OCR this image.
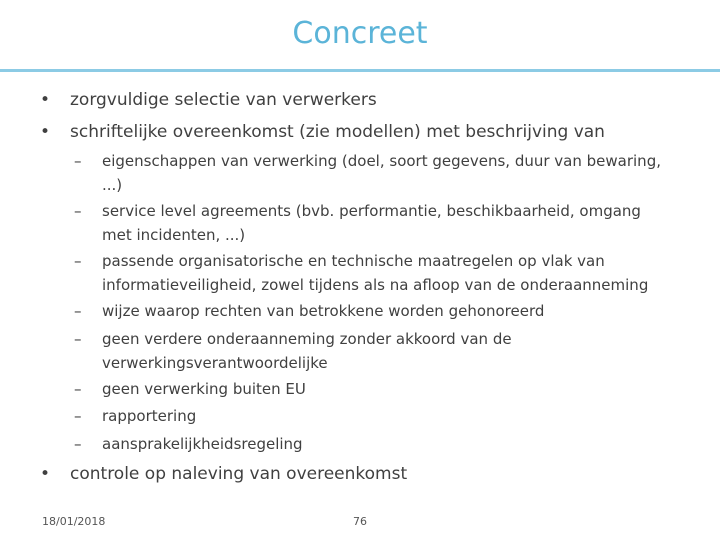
Concreet
• zorgvuldige selectie van verwerkers
• schriftelijke overeenkomst (zie modellen) met beschrijving van
– eigenschappen van verwerking (doel, soort gegevens, duur van bewaring,
...)
– service level agreements (bvb. performantie, beschikbaarheid, omgang
met incidenten, ...)
– passende organisatorische en technische maatregelen op vlak van
informatieveiligheid, zowel tijdens als na afloop van de onderaanneming
– wijze waarop rechten van betrokkene worden gehonoreerd
– geen verdere onderaanneming zonder akkoord van de
verwerkingsverantwoordelijke
– geen verwerking buiten EU
– rapportering
– aansprakelijkheidsregeling
• controle op naleving van overeenkomst
18/01/2018	76
